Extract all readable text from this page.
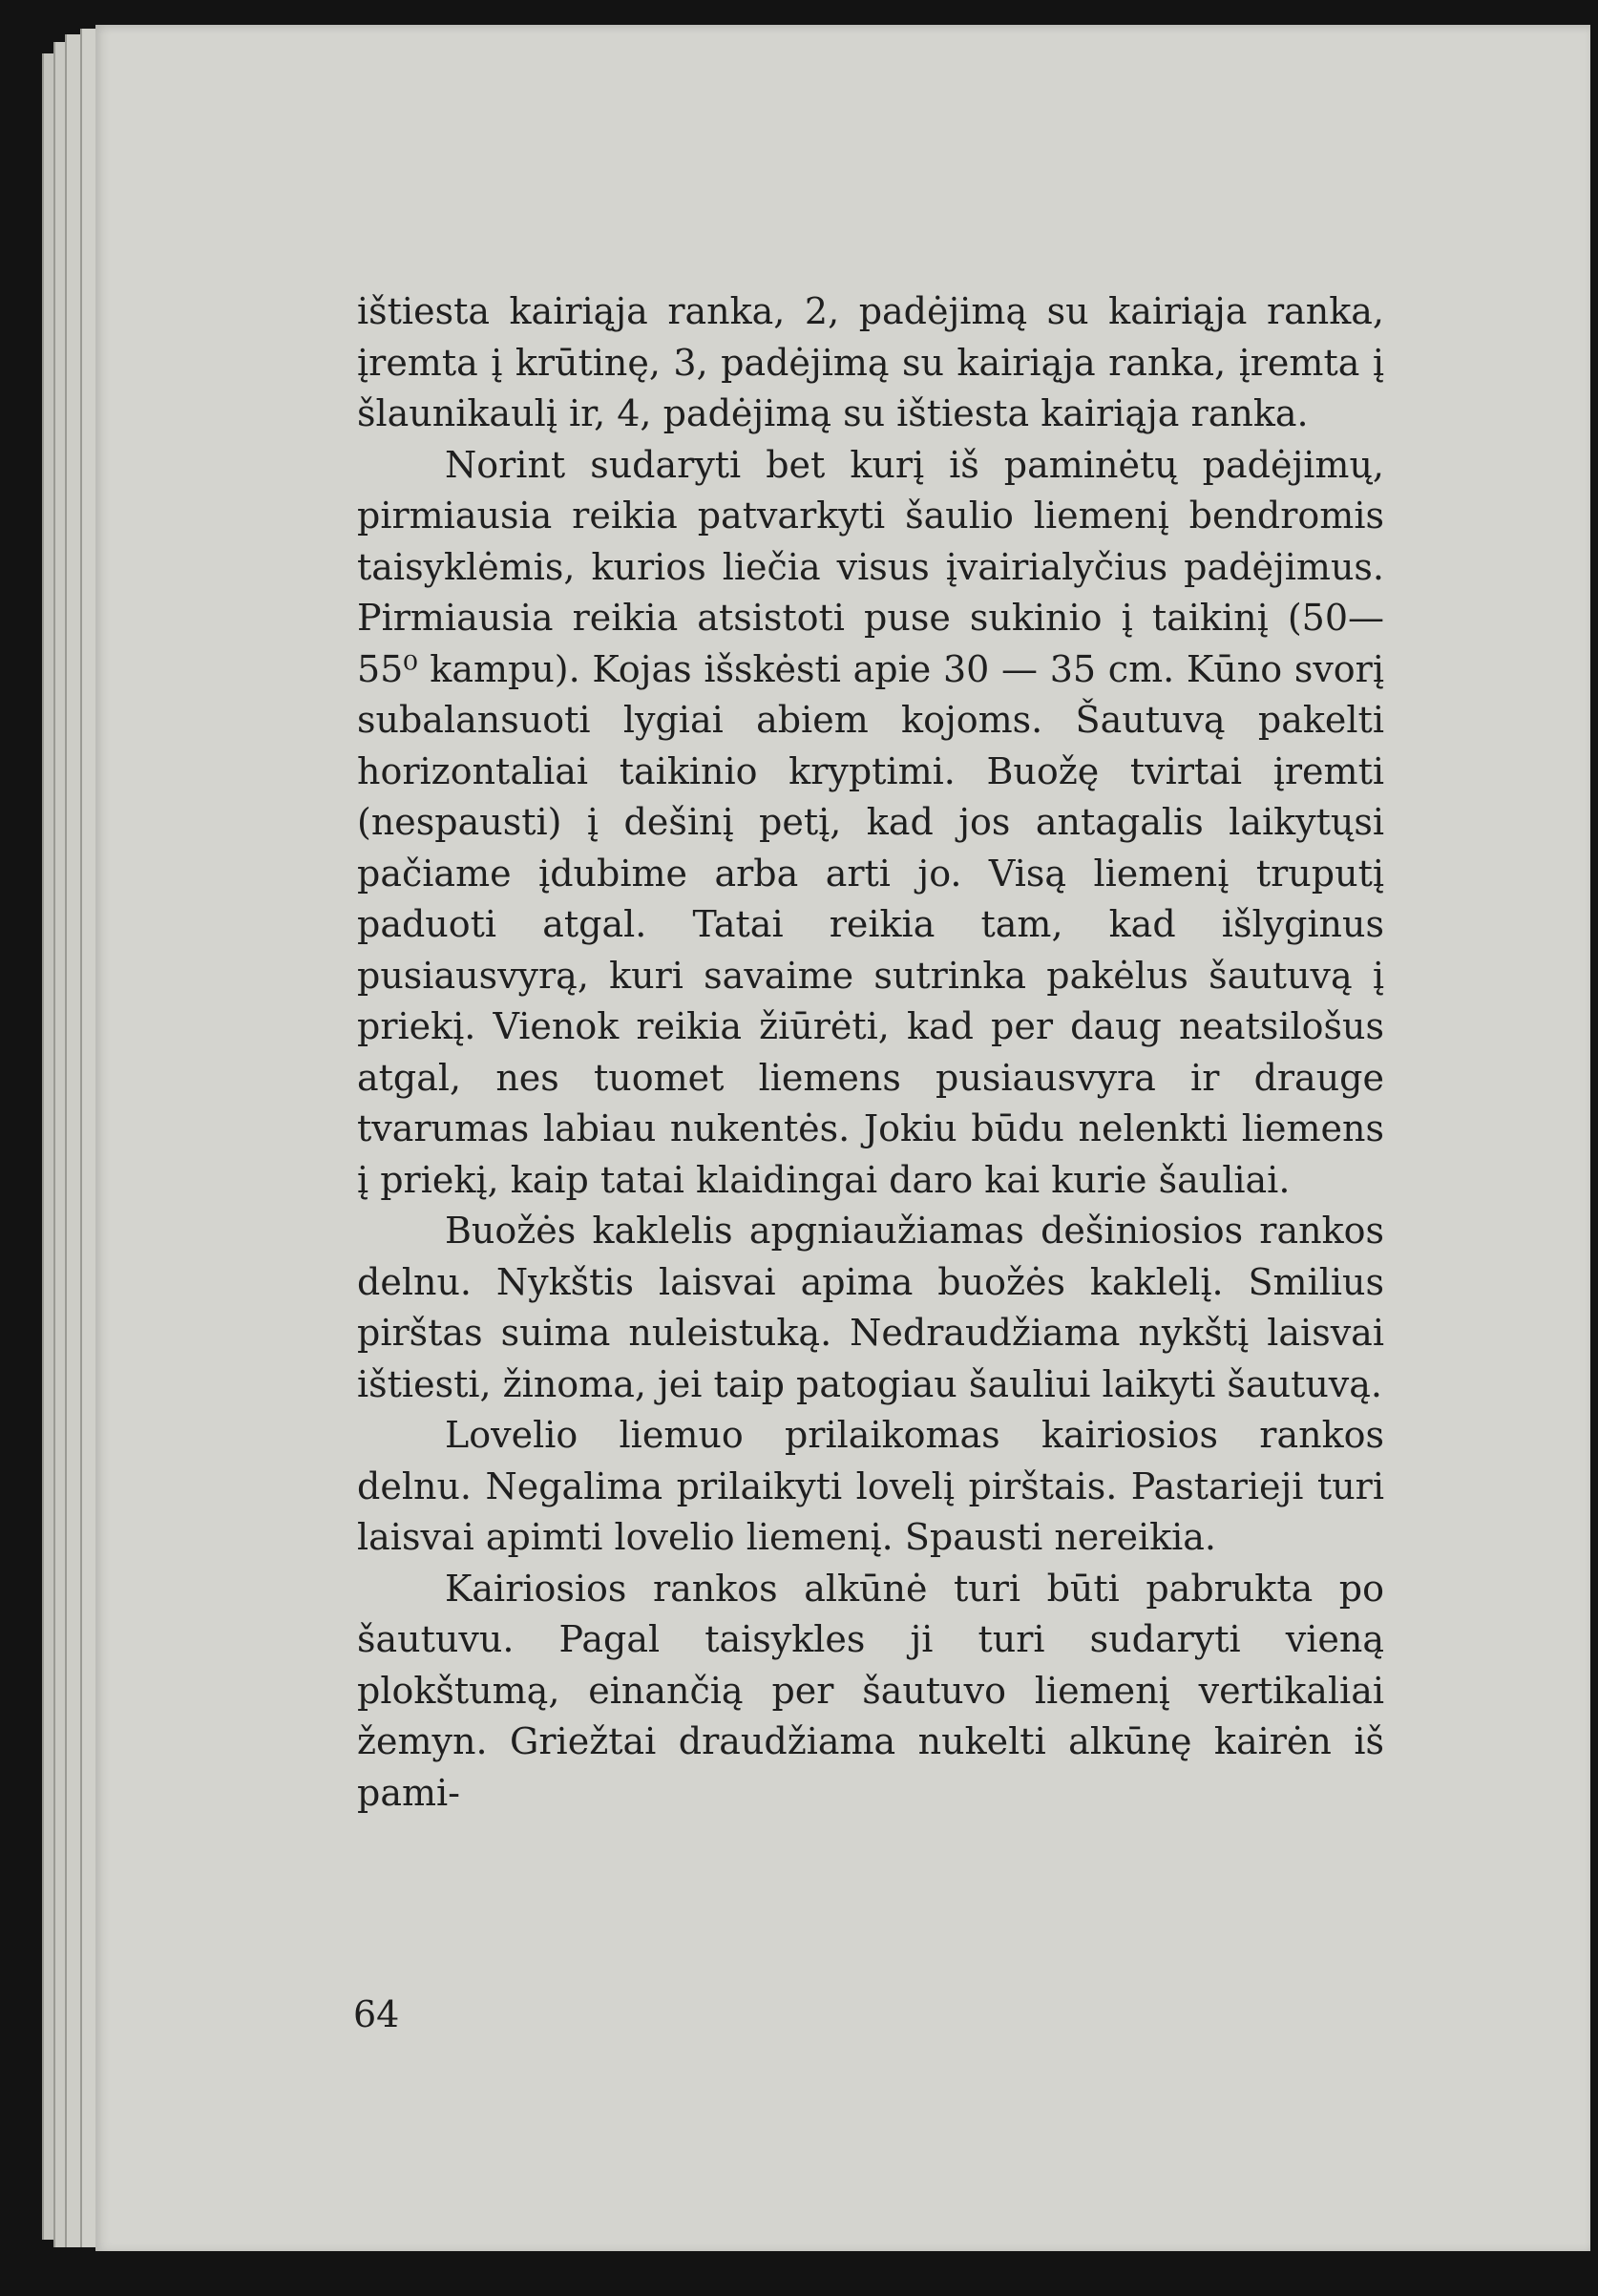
ištiesta kairiąja ranka, 2, padėjimą su kairiąja ranka, įremta į krūtinę, 3, padėjimą su kairiąja ranka, įremta į šlaunikaulį ir, 4, padėjimą su ištiesta kairiąja ranka.

Norint sudaryti bet kurį iš paminėtų padėjimų, pirmiausia reikia patvarkyti šaulio liemenį bendromis taisyklėmis, kurios liečia visus įvairialyčius padėjimus. Pirmiausia reikia atsistoti puse sukinio į taikinį (50—55⁰ kampu). Kojas išskėsti apie 30 — 35 cm. Kūno svorį subalansuoti lygiai abiem kojoms. Šautuvą pakelti horizontaliai taikinio kryptimi. Buožę tvirtai įremti (nespausti) į dešinį petį, kad jos antagalis laikytųsi pačiame įdubime arba arti jo. Visą liemenį truputį paduoti atgal. Tatai reikia tam, kad išlyginus pusiausvyrą, kuri savaime sutrinka pakėlus šautuvą į priekį. Vienok reikia žiūrėti, kad per daug neatsilošus atgal, nes tuomet liemens pusiausvyra ir drauge tvarumas labiau nukentės. Jokiu būdu nelenkti liemens į priekį, kaip tatai klaidingai daro kai kurie šauliai.

Buožės kaklelis apgniaužiamas dešiniosios rankos delnu. Nykštis laisvai apima buožės kaklelį. Smilius pirštas suima nuleistuką. Nedraudžiama nykštį laisvai ištiesti, žinoma, jei taip patogiau šauliui laikyti šautuvą.

Lovelio liemuo prilaikomas kairiosios rankos delnu. Negalima prilaikyti lovelį pirštais. Pastarieji turi laisvai apimti lovelio liemenį. Spausti nereikia.

Kairiosios rankos alkūnė turi būti pabrukta po šautuvu. Pagal taisykles ji turi sudaryti vieną plokštumą, einančią per šautuvo liemenį vertikaliai žemyn. Griežtai draudžiama nukelti alkūnę kairėn iš pami-

64
